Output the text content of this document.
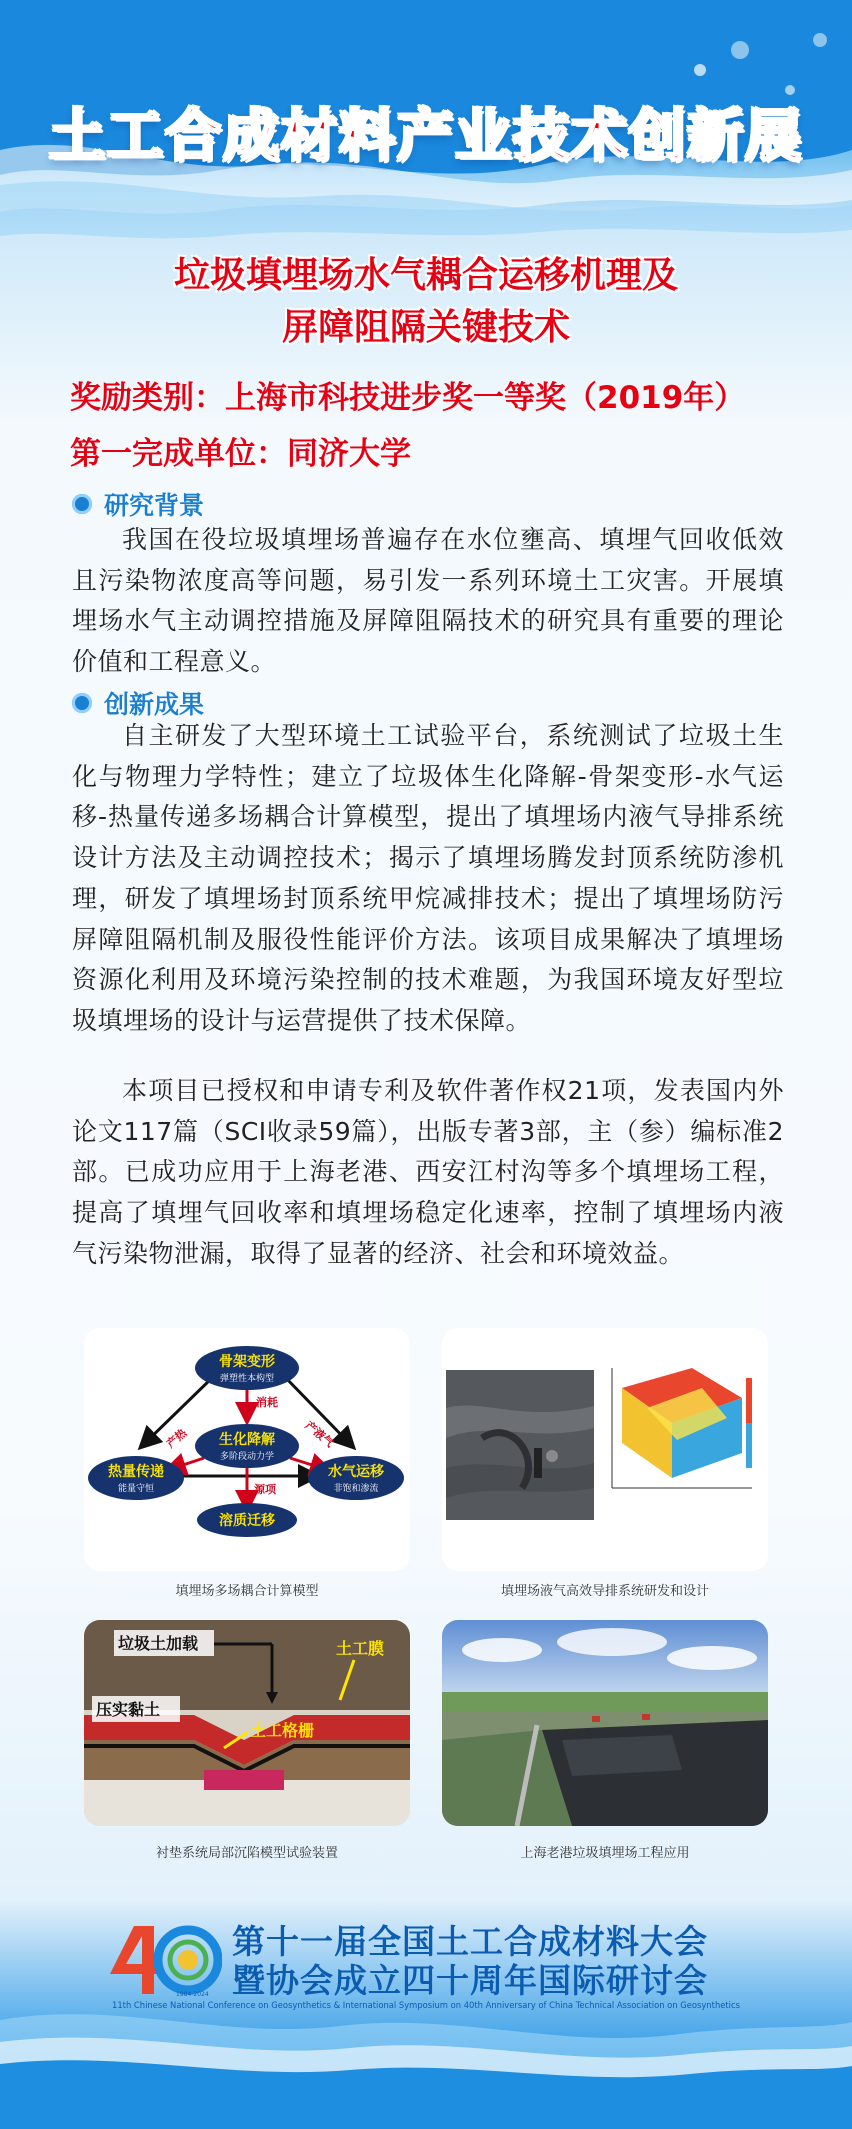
土工合成材料产业技术创新展
垃圾填埋场水气耦合运移机理及
屏障阻隔关键技术
奖励类别：上海市科技进步奖一等奖（2019年）
第一完成单位：同济大学
研究背景

我国在役垃圾填埋场普遍存在水位壅高、填埋气回收低效且污染物浓度高等问题，易引发一系列环境土工灾害。开展填埋场水气主动调控措施及屏障阻隔技术的研究具有重要的理论价值和工程意义。

创新成果

自主研发了大型环境土工试验平台，系统测试了垃圾土生化与物理力学特性；建立了垃圾体生化降解-骨架变形-水气运移-热量传递多场耦合计算模型，提出了填埋场内液气导排系统设计方法及主动调控技术；揭示了填埋场腾发封顶系统防渗机理，研发了填埋场封顶系统甲烷减排技术；提出了填埋场防污屏障阻隔机制及服役性能评价方法。该项目成果解决了填埋场资源化利用及环境污染控制的技术难题，为我国环境友好型垃圾填埋场的设计与运营提供了技术保障。

本项目已授权和申请专利及软件著作权21项，发表国内外论文117篇（SCI收录59篇），出版专著3部，主（参）编标准2部。已成功应用于上海老港、西安江村沟等多个填埋场工程，提高了填埋气回收率和填埋场稳定化速率，控制了填埋场内液气污染物泄漏，取得了显著的经济、社会和环境效益。

消耗
产热	产液气
源项
骨架变形
弹塑性本构型
生化降解
多阶段动力学
热量传递
能量守恒
水气运移
非饱和渗流
溶质迁移
填埋场多场耦合计算模型	填埋场液气高效导排系统研发和设计
垃圾土加载
压实黏土
土工膜
土工格栅
衬垫系统局部沉陷模型试验装置	上海老港垃圾填埋场工程应用
1984-2024
第十一届全国土工合成材料大会
暨协会成立四十周年国际研讨会
11th Chinese National Conference on Geosynthetics & International Symposium on 40th Anniversary of China Technical Association on Geosynthetics
